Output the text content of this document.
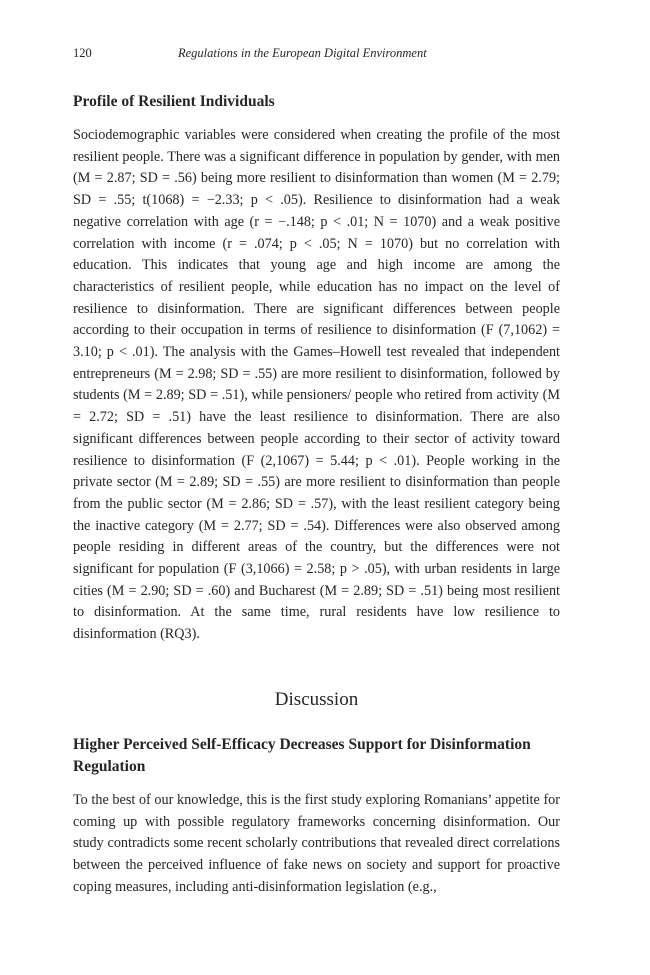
120	Regulations in the European Digital Environment
Profile of Resilient Individuals

Sociodemographic variables were considered when creating the profile of the most resilient people. There was a significant difference in population by gender, with men (M = 2.87; SD = .56) being more resilient to disinformation than women (M = 2.79; SD = .55; t(1068) = −2.33; p < .05). Resilience to disinformation had a weak negative correlation with age (r = −.148; p < .01; N = 1070) and a weak positive correlation with income (r = .074; p < .05; N = 1070) but no correlation with education. This indicates that young age and high income are among the characteristics of resilient people, while education has no impact on the level of resilience to disinformation. There are significant differences between people according to their occupation in terms of resilience to disinformation (F (7,1062) = 3.10; p < .01). The analysis with the Games–Howell test revealed that independent entrepreneurs (M = 2.98; SD = .55) are more resilient to disinformation, followed by students (M = 2.89; SD = .51), while pensioners/ people who retired from activity (M = 2.72; SD = .51) have the least resilience to disinformation. There are also significant differences between people according to their sector of activity toward resilience to disinformation (F (2,1067) = 5.44; p < .01). People working in the private sector (M = 2.89; SD = .55) are more resilient to disinformation than people from the public sector (M = 2.86; SD = .57), with the least resilient category being the inactive category (M = 2.77; SD = .54). Differences were also observed among people residing in different areas of the country, but the differences were not significant for population (F (3,1066) = 2.58; p > .05), with urban residents in large cities (M = 2.90; SD = .60) and Bucharest (M = 2.89; SD = .51) being most resilient to disinformation. At the same time, rural residents have low resilience to disinformation (RQ3).

Discussion
Higher Perceived Self-Efficacy Decreases Support for Disinformation Regulation

To the best of our knowledge, this is the first study exploring Romanians’ appetite for coming up with possible regulatory frameworks concerning disinformation. Our study contradicts some recent scholarly contributions that revealed direct correlations between the perceived influence of fake news on society and support for proactive coping measures, including anti-disinformation legislation (e.g.,
